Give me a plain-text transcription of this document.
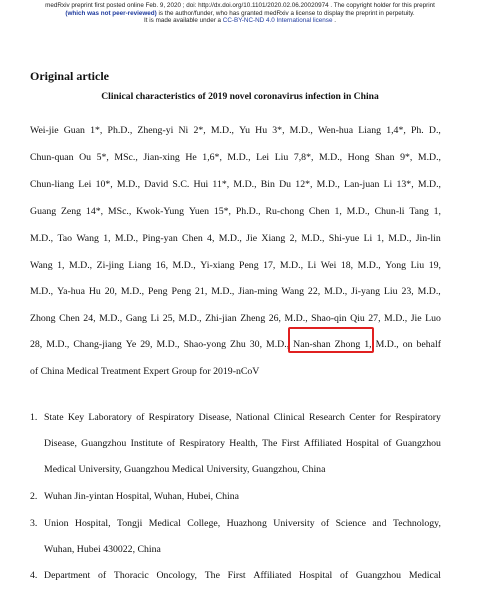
medRxiv preprint first posted online Feb. 9, 2020 ; doi: http://dx.doi.org/10.1101/2020.02.06.20020974 . The copyright holder for this preprint
(which was not peer-reviewed) is the author/funder, who has granted medRxiv a license to display the preprint in perpetuity.
It is made available under a CC-BY-NC-ND 4.0 International license .
Original article
Clinical characteristics of 2019 novel coronavirus infection in China
Wei-jie Guan 1*, Ph.D., Zheng-yi Ni 2*, M.D., Yu Hu 3*, M.D., Wen-hua Liang 1,4*, Ph. D.,
Chun-quan Ou 5*, MSc., Jian-xing He 1,6*, M.D., Lei Liu 7,8*, M.D., Hong Shan 9*, M.D.,
Chun-liang Lei 10*, M.D., David S.C. Hui 11*, M.D., Bin Du 12*, M.D., Lan-juan Li 13*, M.D.,
Guang Zeng 14*, MSc., Kwok-Yung Yuen 15*, Ph.D., Ru-chong Chen 1, M.D., Chun-li Tang 1,
M.D., Tao Wang 1, M.D., Ping-yan Chen 4, M.D., Jie Xiang 2, M.D., Shi-yue Li 1, M.D., Jin-lin
Wang 1, M.D., Zi-jing Liang 16, M.D., Yi-xiang Peng 17, M.D., Li Wei 18, M.D., Yong Liu 19,
M.D., Ya-hua Hu 20, M.D., Peng Peng 21, M.D., Jian-ming Wang 22, M.D., Ji-yang Liu 23, M.D.,
Zhong Chen 24, M.D., Gang Li 25, M.D., Zhi-jian Zheng 26, M.D., Shao-qin Qiu 27, M.D., Jie Luo
28, M.D., Chang-jiang Ye 29, M.D., Shao-yong Zhu 30, M.D., Nan-shan Zhong 1, M.D., on behalf
of China Medical Treatment Expert Group for 2019-nCoV
1. State Key Laboratory of Respiratory Disease, National Clinical Research Center for Respiratory
Disease, Guangzhou Institute of Respiratory Health, The First Affiliated Hospital of Guangzhou
Medical University, Guangzhou Medical University, Guangzhou, China
2. Wuhan Jin-yintan Hospital, Wuhan, Hubei, China
3. Union Hospital, Tongji Medical College, Huazhong University of Science and Technology,
Wuhan, Hubei 430022, China
4. Department of Thoracic Oncology, The First Affiliated Hospital of Guangzhou Medical
